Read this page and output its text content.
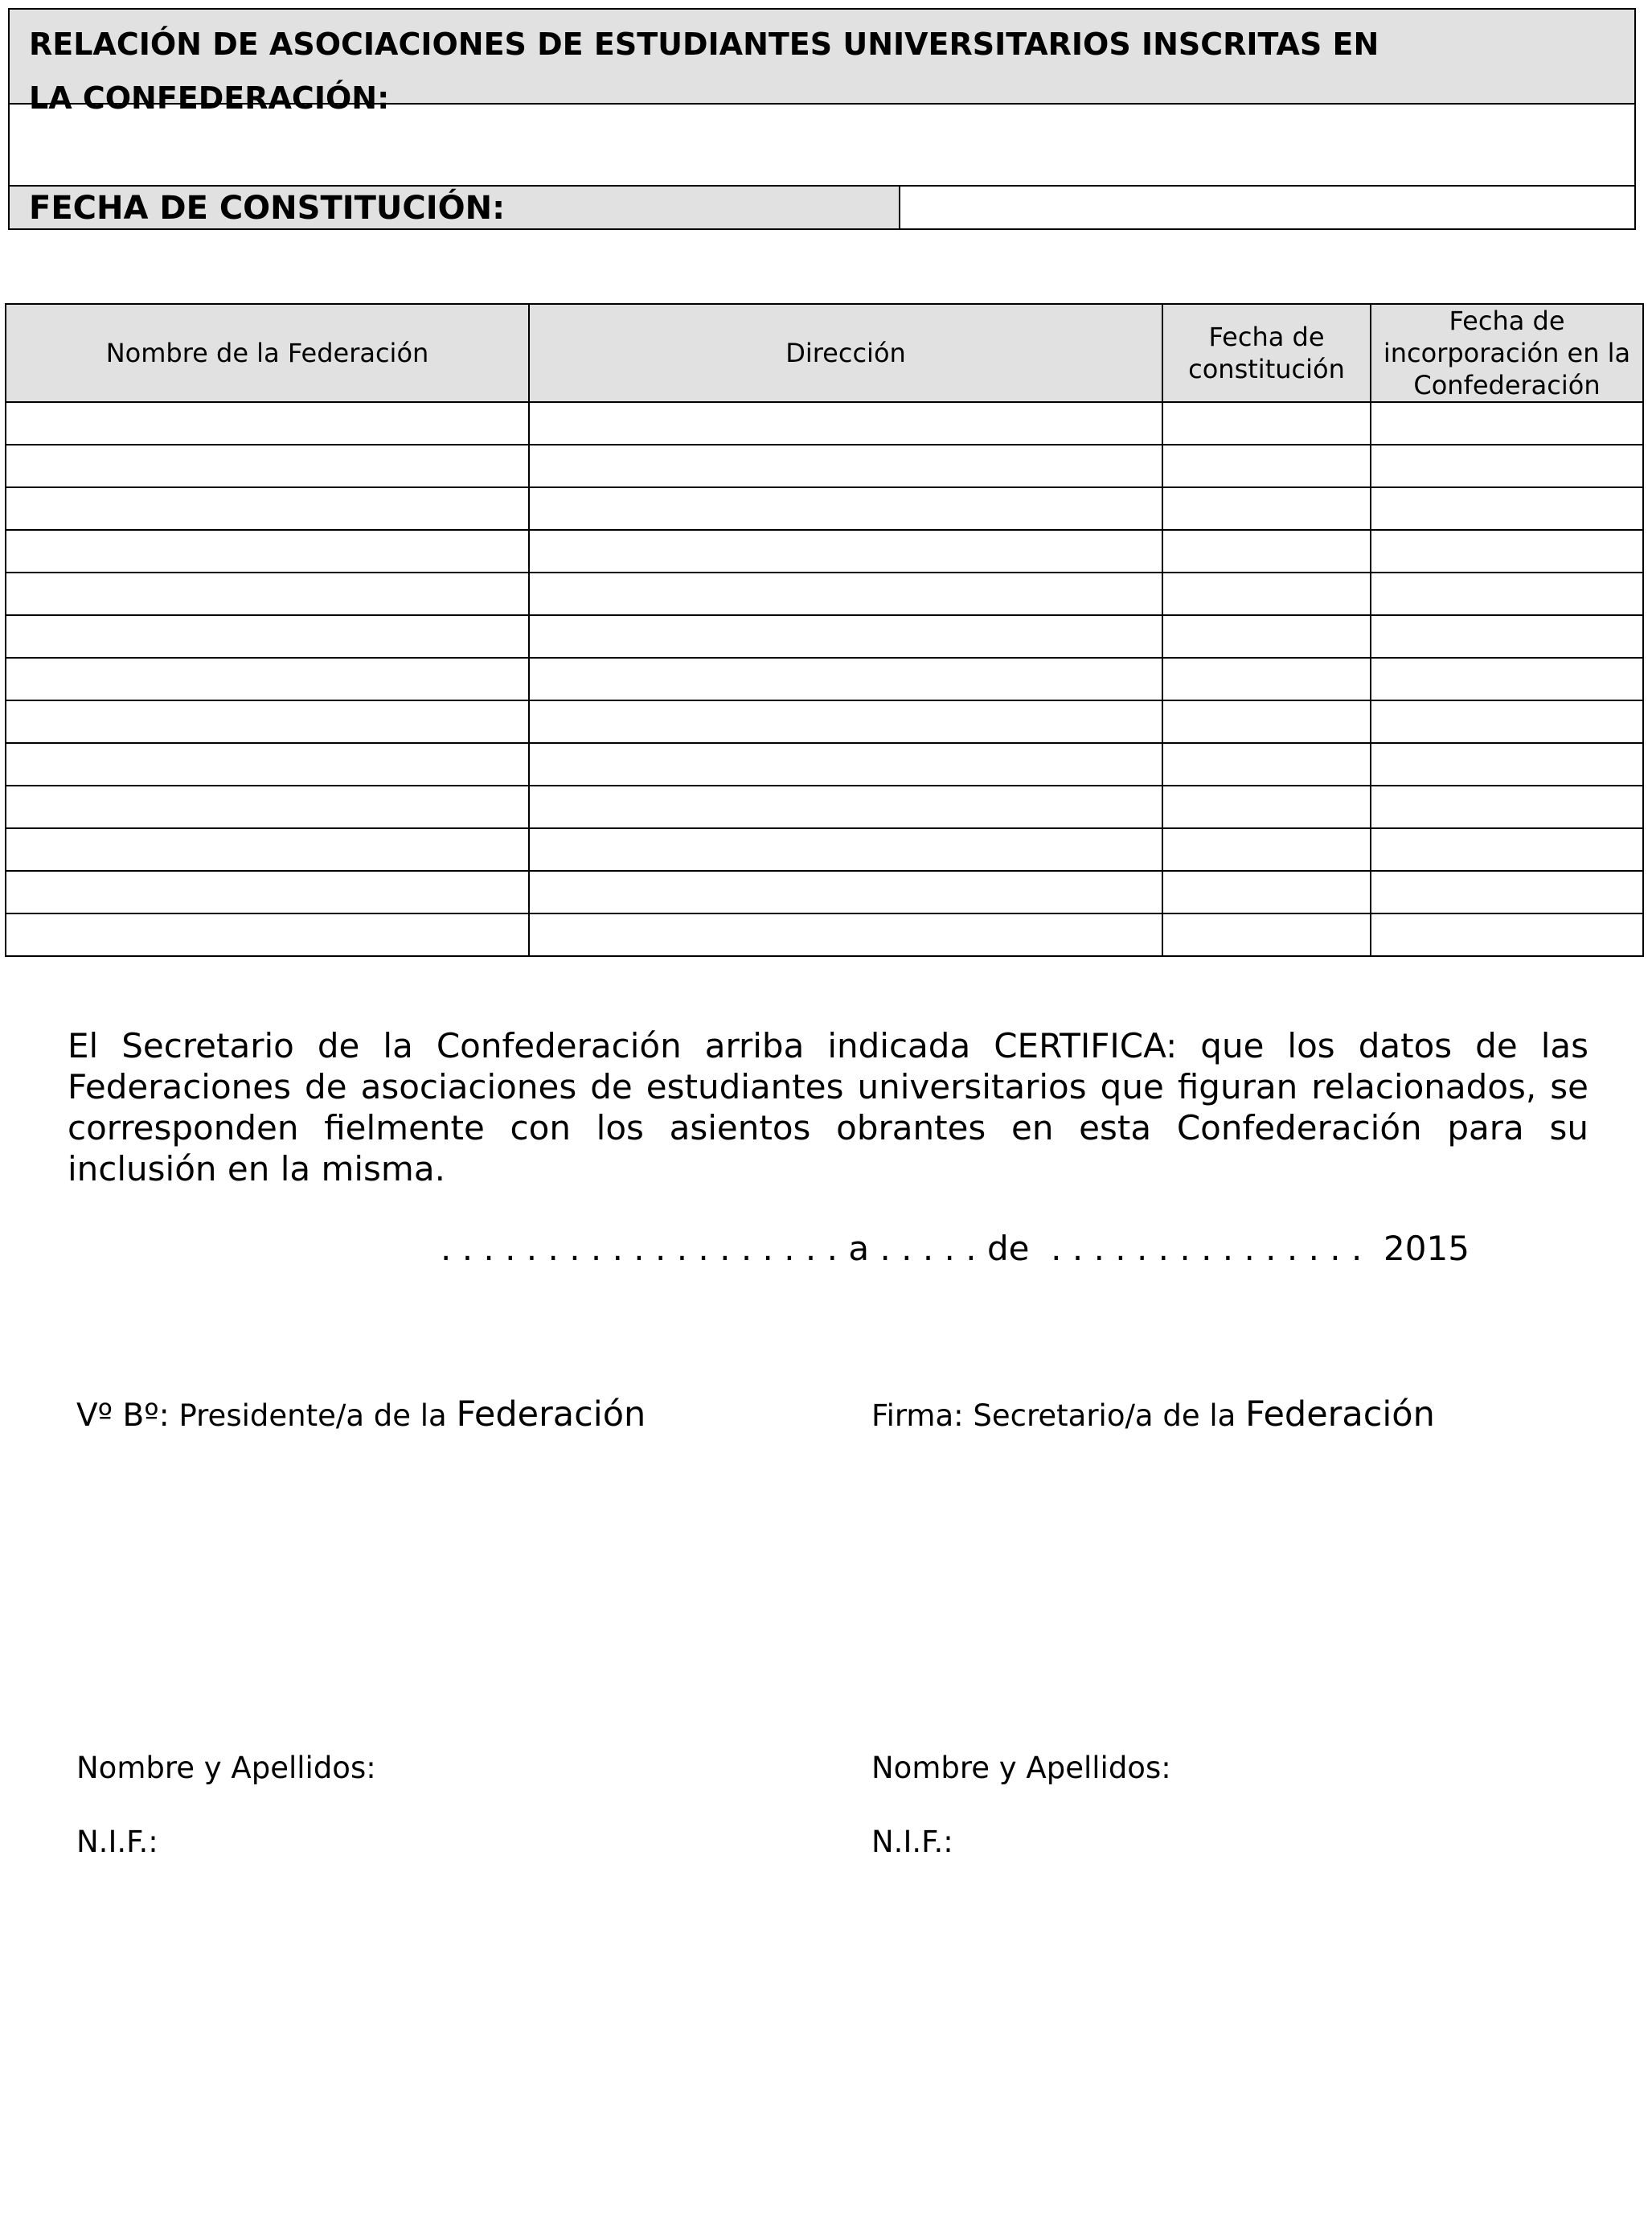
RELACIÓN DE ASOCIACIONES DE ESTUDIANTES UNIVERSITARIOS INSCRITAS EN
LA CONFEDERACIÓN:
FECHA DE CONSTITUCIÓN:
Nombre de la Federación	Dirección	Fecha de constitución	Fecha de incorporación en la Confederación

El Secretario de la Confederación arriba indicada CERTIFICA: que los datos de las Federaciones de asociaciones de estudiantes universitarios que figuran relacionados, se corresponden fielmente con los asientos obrantes en esta Confederación para su inclusión en la misma.
. . . . . . . . . . . . . . . . . . . a . . . . . de . . . . . . . . . . . . . . . 2015
Vº Bº: Presidente/a de la Federación	Firma: Secretario/a de la Federación
Nombre y Apellidos:	Nombre y Apellidos:
N.I.F.:	N.I.F.:
